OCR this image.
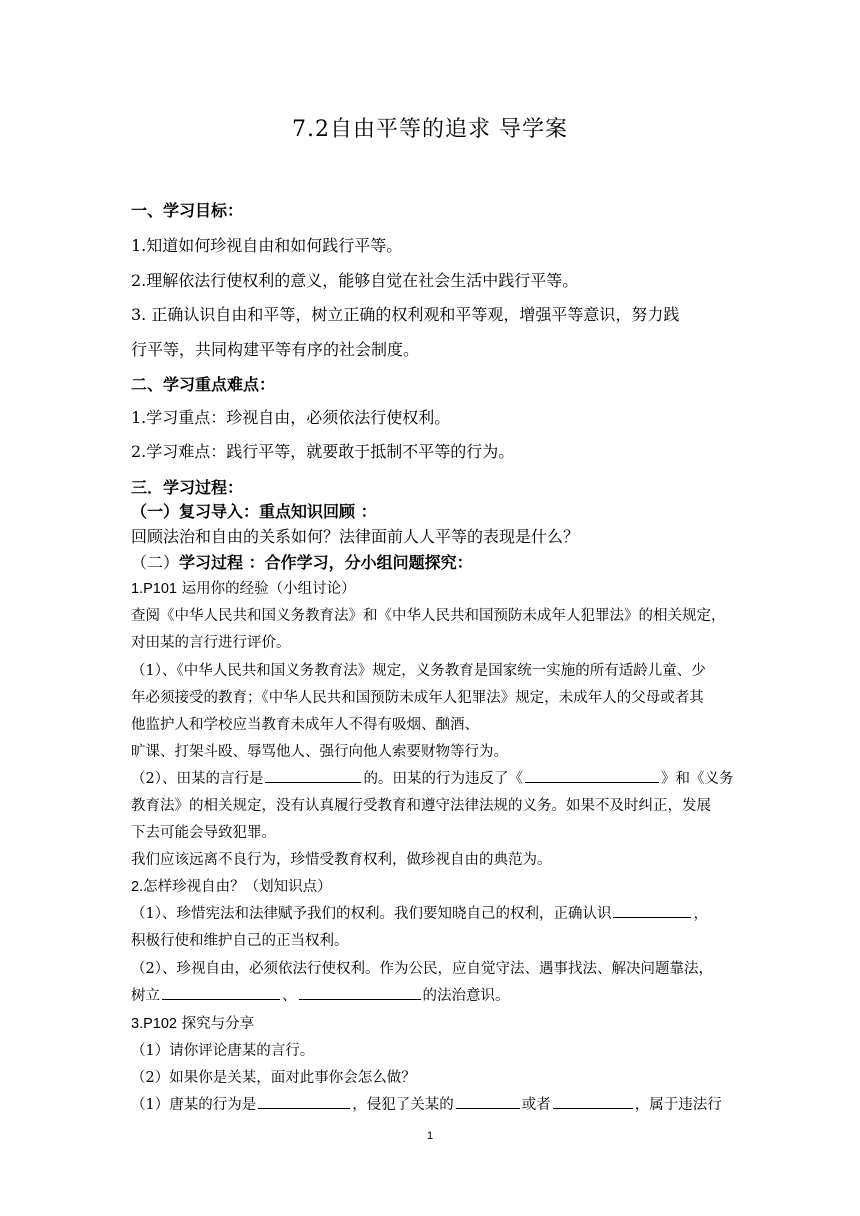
7.2自由平等的追求 导学案
一、学习目标：
1.知道如何珍视自由和如何践行平等。
2.理解依法行使权利的意义，能够自觉在社会生活中践行平等。
3. 正确认识自由和平等，树立正确的权利观和平等观，增强平等意识，努力践
行平等，共同构建平等有序的社会制度。
二、学习重点难点：
1.学习重点：珍视自由，必须依法行使权利。
2.学习难点：践行平等，就要敢于抵制不平等的行为。
三．学习过程：
（一）复习导入：重点知识回顾 ：
回顾法治和自由的关系如何？法律面前人人平等的表现是什么？
（二）学习过程 ：合作学习，分小组问题探究：
1.P101 运用你的经验（小组讨论）
查阅《中华人民共和国义务教育法》和《中华人民共和国预防未成年人犯罪法》的相关规定，
对田某的言行进行评价。
（1）、《中华人民共和国义务教育法》规定，义务教育是国家统一实施的所有适龄儿童、少
年必须接受的教育；《中华人民共和国预防未成年人犯罪法》规定，未成年人的父母或者其
他监护人和学校应当教育未成年人不得有吸烟、酗酒、
旷课、打架斗殴、辱骂他人、强行向他人索要财物等行为。
（2）、田某的言行是	的。田某的行为违反了《	》和《义务
教育法》的相关规定，没有认真履行受教育和遵守法律法规的义务。如果不及时纠正，发展
下去可能会导致犯罪。
我们应该远离不良行为，珍惜受教育权利，做珍视自由的典范为。
2.怎样珍视自由？（划知识点）
（1）、珍惜宪法和法律赋予我们的权利。我们要知晓自己的权利，正确认识	，
积极行使和维护自己的正当权利。
（2）、珍视自由，必须依法行使权利。作为公民，应自觉守法、遇事找法、解决问题靠法，
树立	、	的法治意识。
3.P102 探究与分享
（1）请你评论唐某的言行。
（2）如果你是关某，面对此事你会怎么做？
（1）唐某的行为是	，侵犯了关某的	或者	，属于违法行
1
